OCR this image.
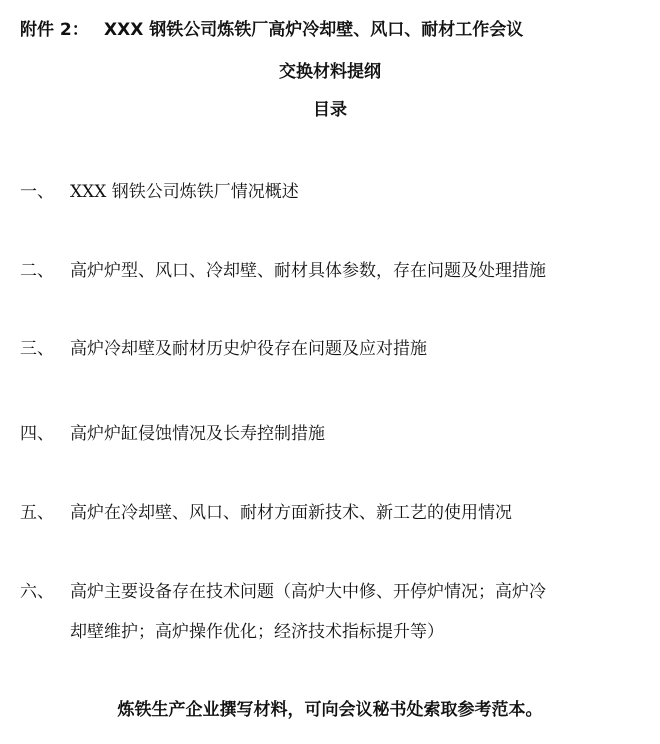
附件 2： XXX 钢铁公司炼铁厂高炉冷却壁、风口、耐材工作会议
交换材料提纲
目录
一、 XXX 钢铁公司炼铁厂情况概述
二、 高炉炉型、风口、冷却壁、耐材具体参数，存在问题及处理措施
三、 高炉冷却壁及耐材历史炉役存在问题及应对措施
四、 高炉炉缸侵蚀情况及长寿控制措施
五、 高炉在冷却壁、风口、耐材方面新技术、新工艺的使用情况
六、 高炉主要设备存在技术问题（高炉大中修、开停炉情况；高炉冷
却壁维护；高炉操作优化；经济技术指标提升等）
炼铁生产企业撰写材料，可向会议秘书处索取参考范本。
